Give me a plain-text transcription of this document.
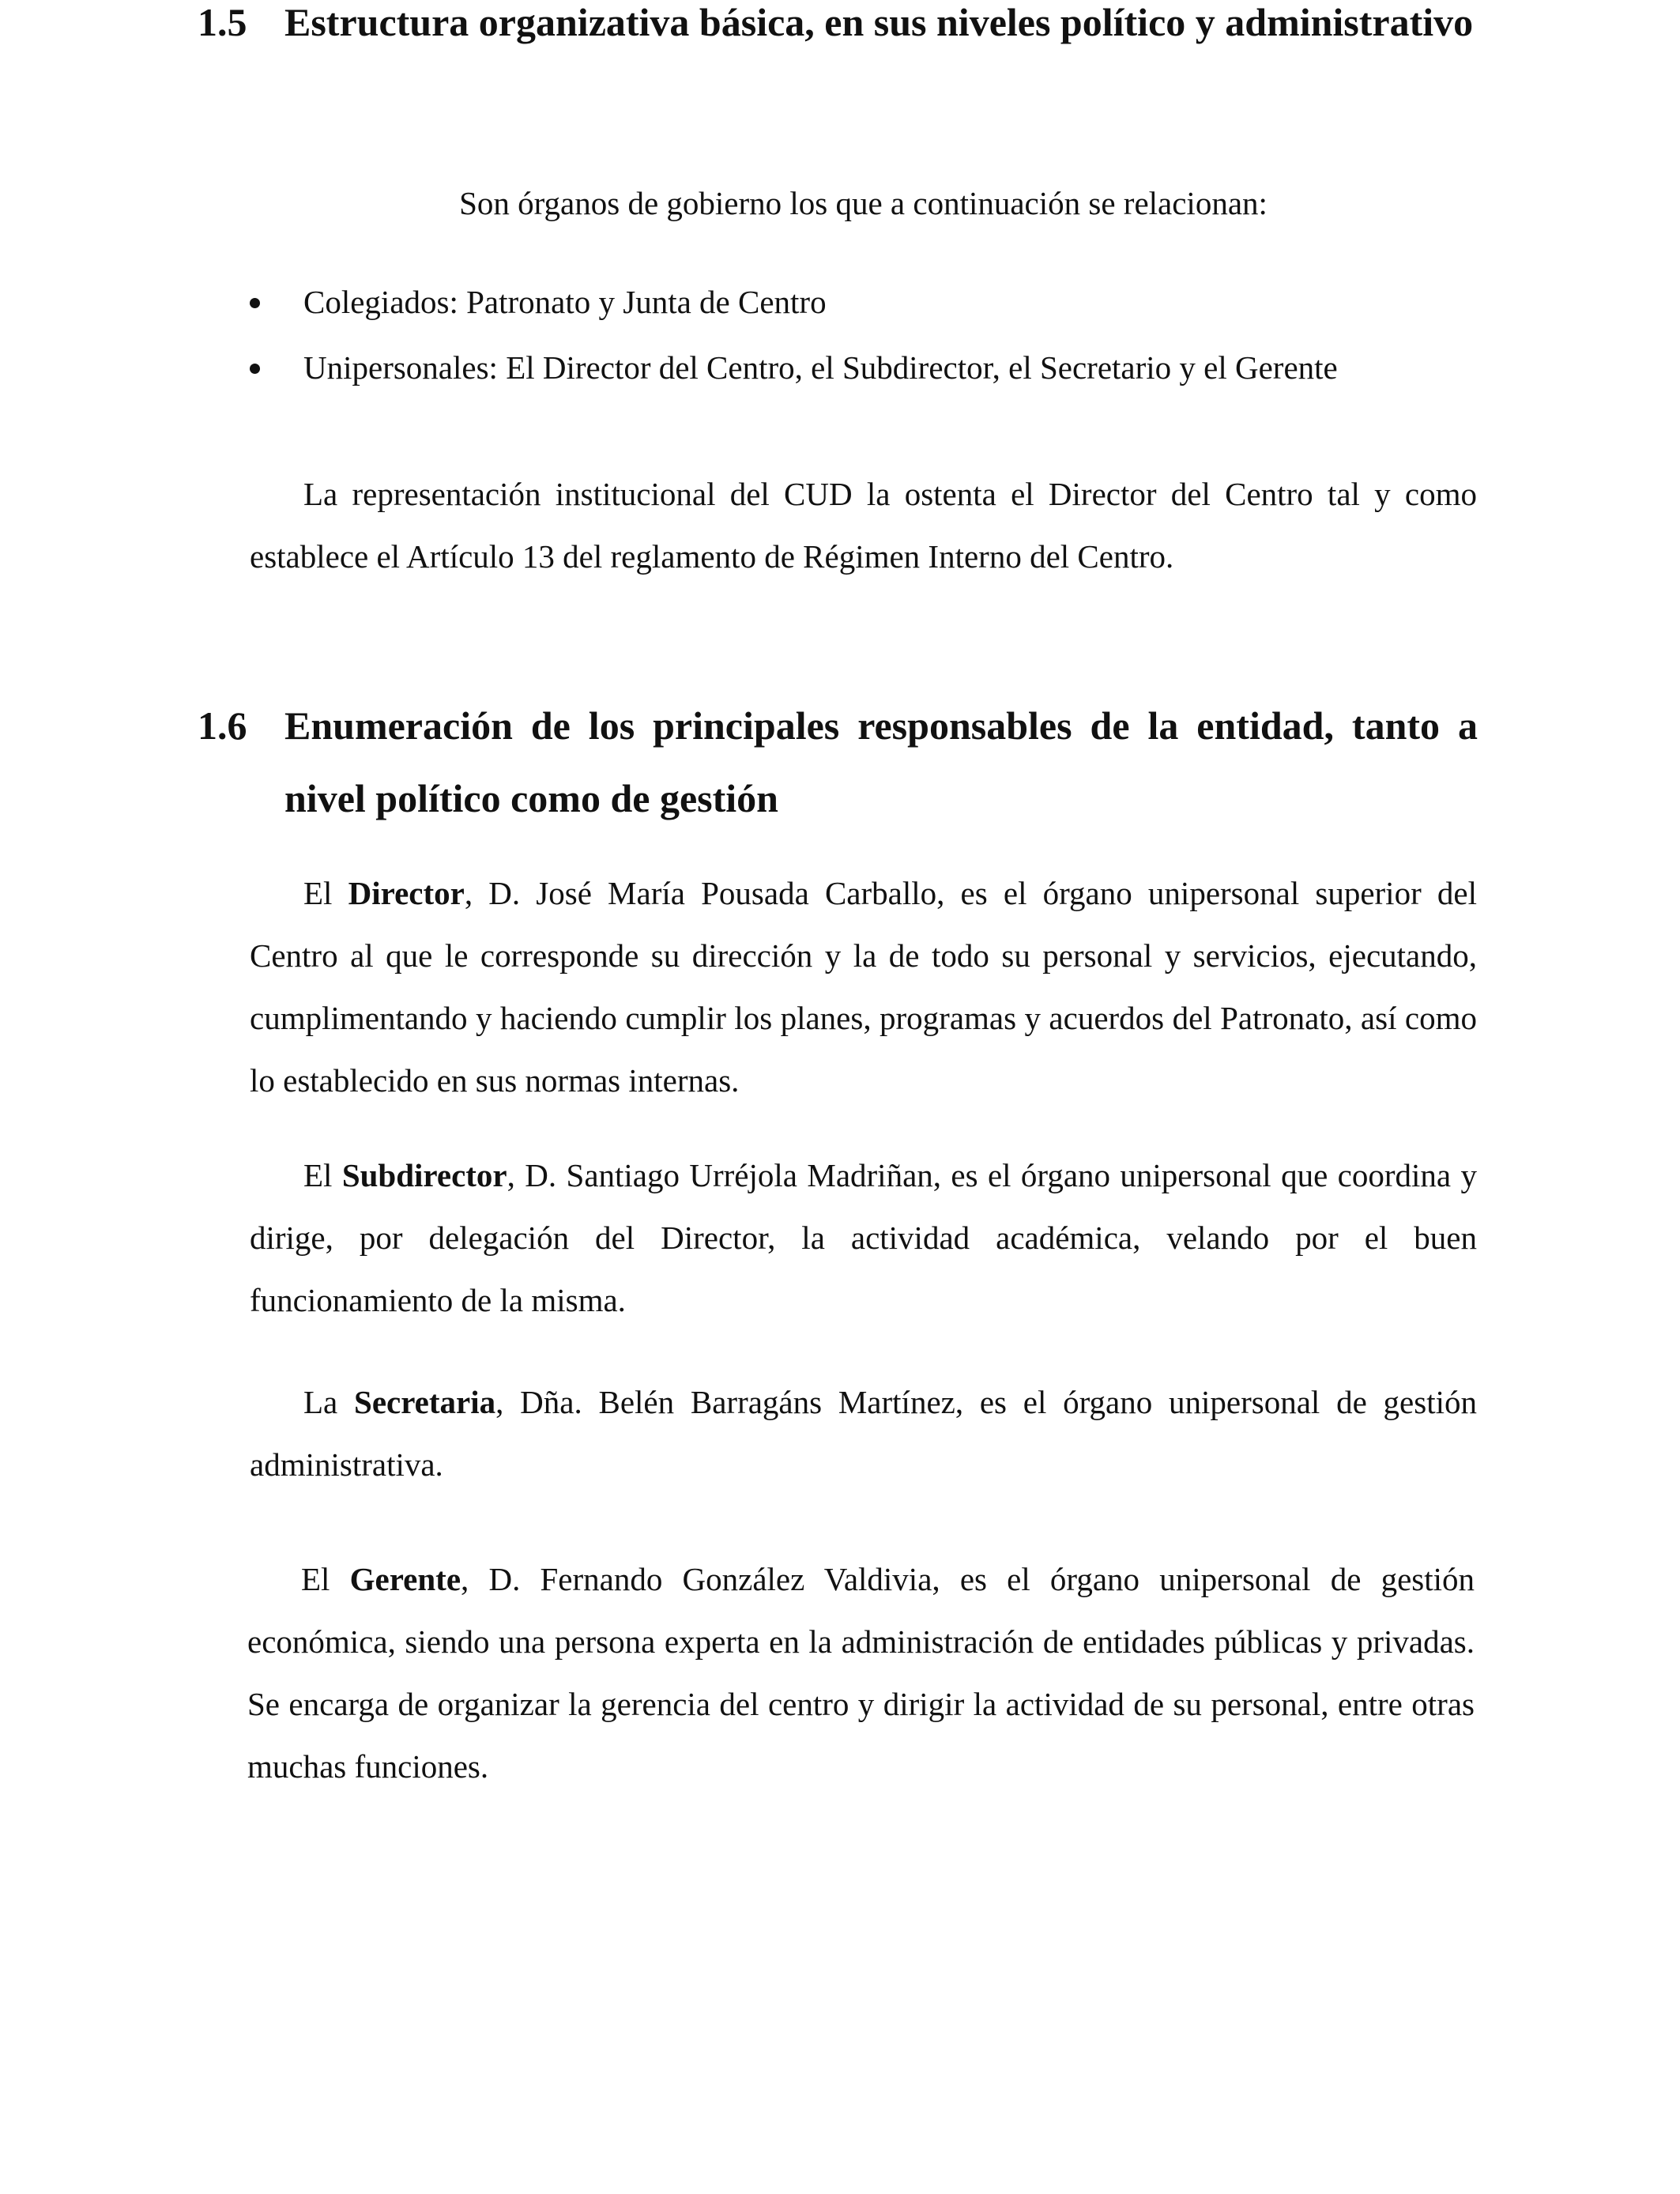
1.5 Estructura organizativa básica, en sus niveles político y administrativo
Son órganos de gobierno los que a continuación se relacionan:
Colegiados: Patronato y Junta de Centro
Unipersonales: El Director del Centro, el Subdirector, el Secretario y el Gerente

La representación institucional del CUD la ostenta el Director del Centro tal y como establece el Artículo 13 del reglamento de Régimen Interno del Centro.

1.6 Enumeración de los principales responsables de la entidad, tanto a nivel político como de gestión

El Director, D. José María Pousada Carballo, es el órgano unipersonal superior del Centro al que le corresponde su dirección y la de todo su personal y servicios, ejecutando, cumplimentando y haciendo cumplir los planes, programas y acuerdos del Patronato, así como lo establecido en sus normas internas.

El Subdirector, D. Santiago Urréjola Madriñan, es el órgano unipersonal que coordina y dirige, por delegación del Director, la actividad académica, velando por el buen funcionamiento de la misma.

La Secretaria, Dña. Belén Barragáns Martínez, es el órgano unipersonal de gestión administrativa.

El Gerente, D. Fernando González Valdivia, es el órgano unipersonal de gestión económica, siendo una persona experta en la administración de entidades públicas y privadas. Se encarga de organizar la gerencia del centro y dirigir la actividad de su personal, entre otras muchas funciones.
